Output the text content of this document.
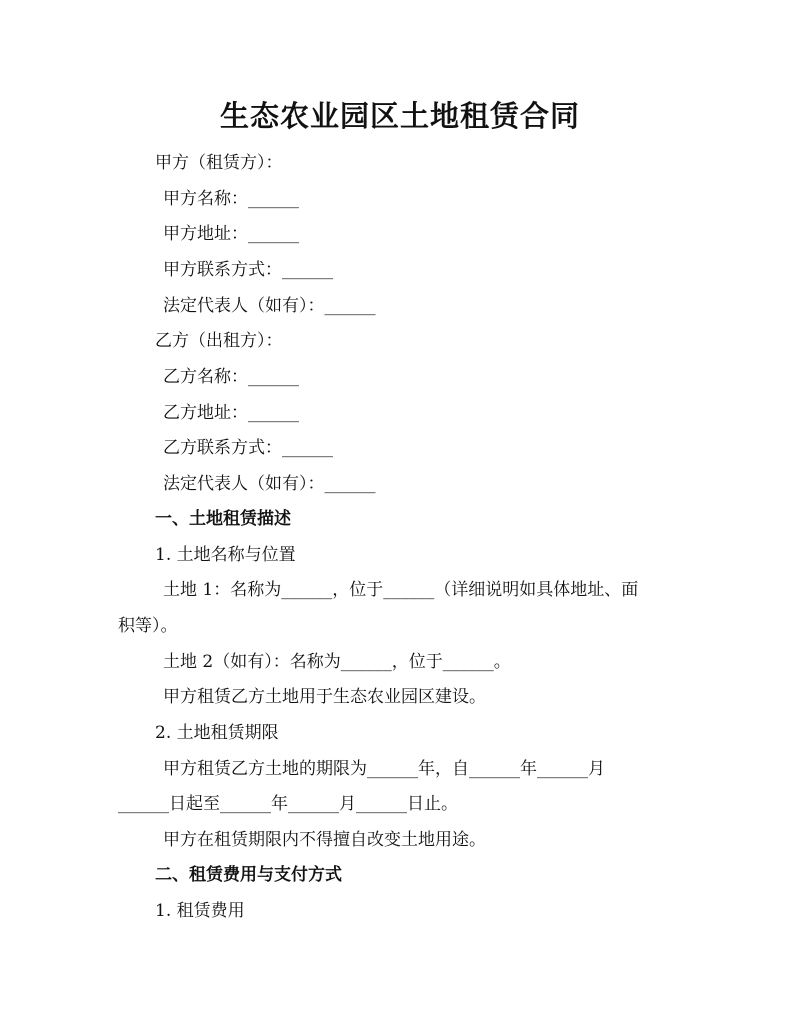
生态农业园区土地租赁合同
甲方（租赁方）：
甲方名称：______
甲方地址：______
甲方联系方式：______
法定代表人（如有）：______
乙方（出租方）：
乙方名称：______
乙方地址：______
乙方联系方式：______
法定代表人（如有）：______
一、土地租赁描述
1. 土地名称与位置
土地 1：名称为______，位于______（详细说明如具体地址、面
积等）。
土地 2（如有）：名称为______，位于______。
甲方租赁乙方土地用于生态农业园区建设。
2. 土地租赁期限
甲方租赁乙方土地的期限为______年，自______年______月
______日起至______年______月______日止。
甲方在租赁期限内不得擅自改变土地用途。
二、租赁费用与支付方式
1. 租赁费用
